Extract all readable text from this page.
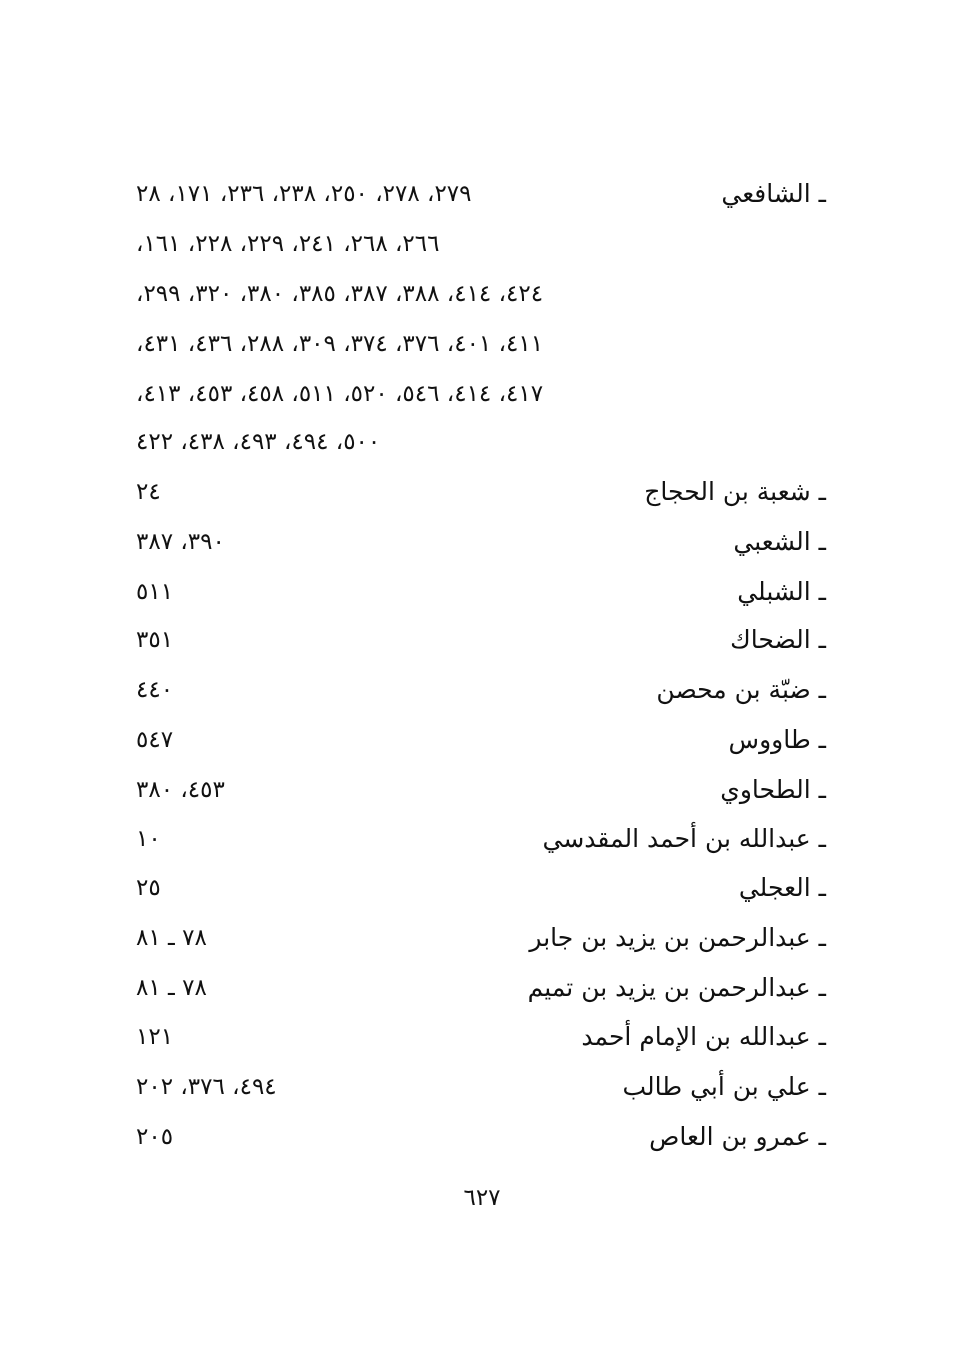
ـ الشافعي
٢٧٩، ٢٧٨، ٢٥٠، ٢٣٨، ٢٣٦، ١٧١، ٢٨
٢٦٦، ٢٦٨، ٢٤١، ٢٢٩، ٢٢٨، ١٦١،
٤٢٤، ٤١٤، ٣٨٨، ٣٨٧، ٣٨٥، ٣٨٠، ٣٢٠، ٢٩٩،
٤١١، ٤٠١، ٣٧٦، ٣٧٤، ٣٠٩، ٢٨٨، ٤٣٦، ٤٣١،
٤١٧، ٤١٤، ٥٤٦، ٥٢٠، ٥١١، ٤٥٨، ٤٥٣، ٤١٣،
٥٠٠، ٤٩٤، ٤٩٣، ٤٣٨، ٤٢٢
ـ شعبة بن الحجاج
٢٤
ـ الشعبي
٣٩٠، ٣٨٧
ـ الشبلي
٥١١
ـ الضحاك
٣٥١
ـ ضبّة بن محصن
٤٤٠
ـ طاووس
٥٤٧
ـ الطحاوي
٤٥٣، ٣٨٠
ـ عبدالله بن أحمد المقدسي
١٠
ـ العجلي
٢٥
ـ عبدالرحمن بن يزيد بن جابر
٧٨ ـ ٨١
ـ عبدالرحمن بن يزيد بن تميم
٧٨ ـ ٨١
ـ عبدالله بن الإمام أحمد
١٢١
ـ علي بن أبي طالب
٤٩٤، ٣٧٦، ٢٠٢
ـ عمرو بن العاص
٢٠٥
٦٢٧
